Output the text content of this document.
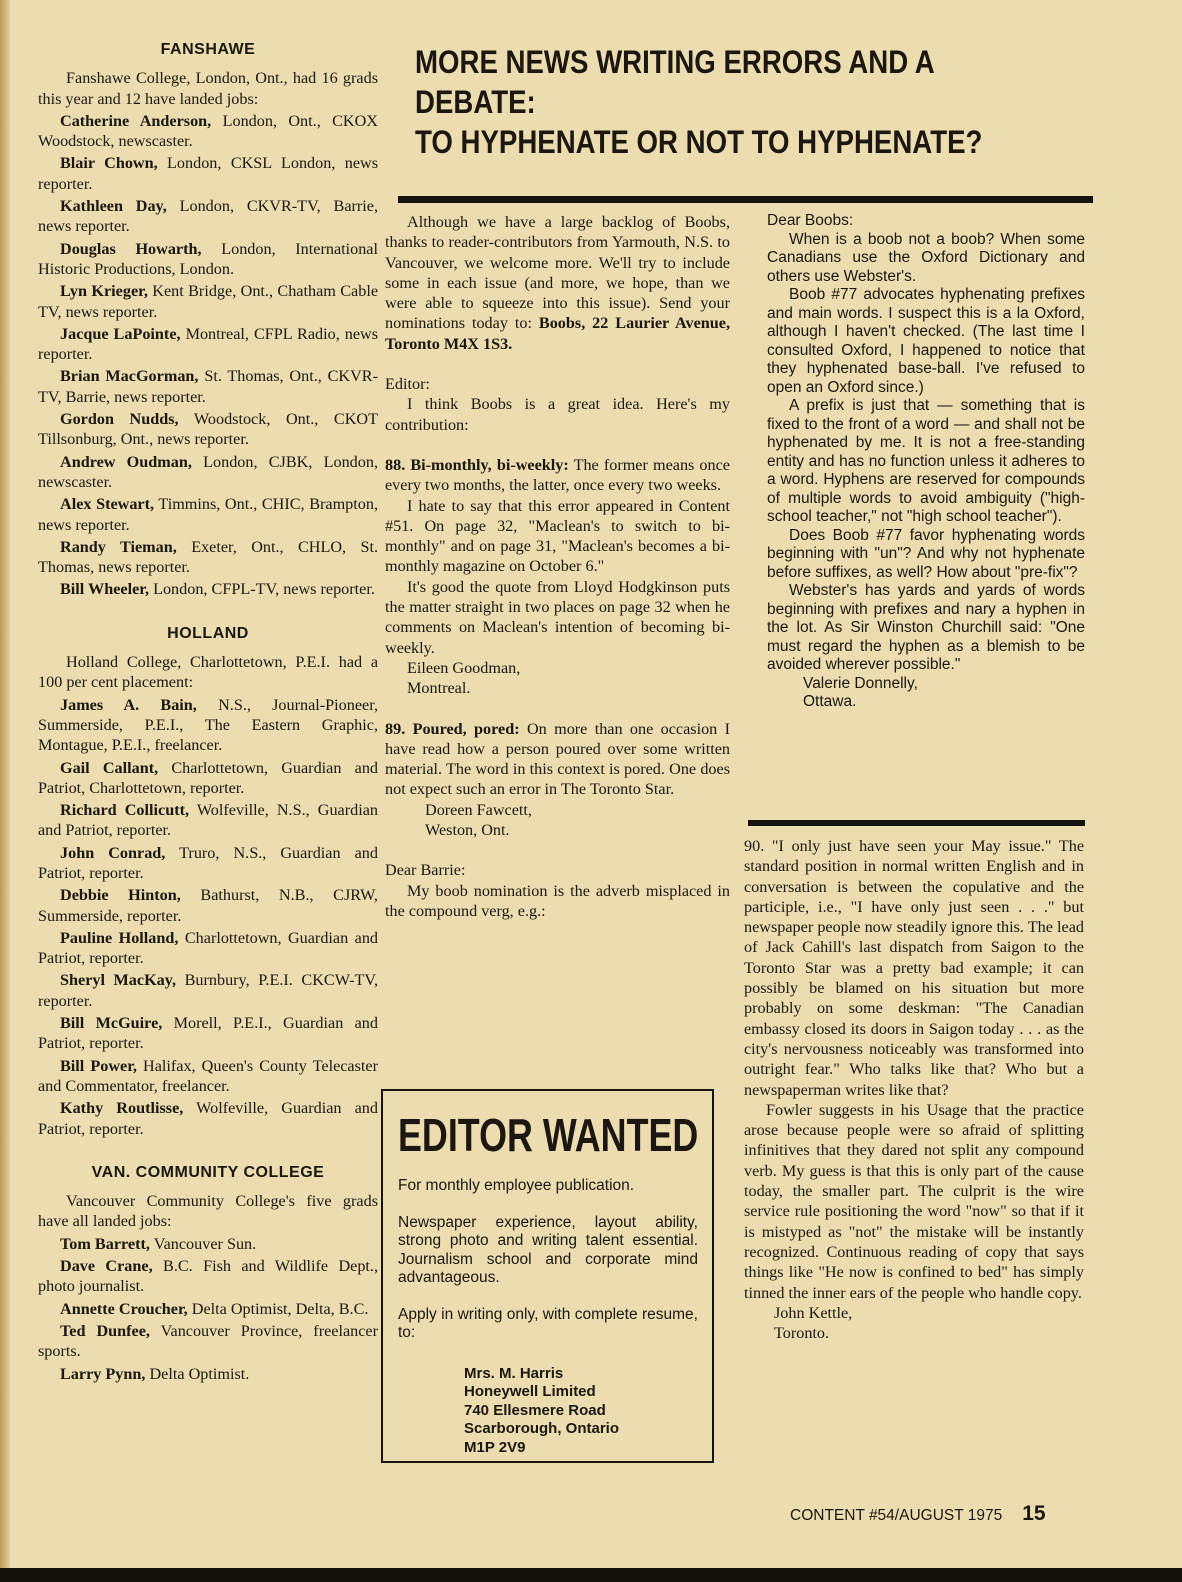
FANSHAWE

Fanshawe College, London, Ont., had 16 grads this year and 12 have landed jobs:

Catherine Anderson, London, Ont., CKOX Woodstock, newscaster.

Blair Chown, London, CKSL London, news reporter.

Kathleen Day, London, CKVR-TV, Barrie, news reporter.

Douglas Howarth, London, International Historic Productions, London.

Lyn Krieger, Kent Bridge, Ont., Chatham Cable TV, news reporter.

Jacque LaPointe, Montreal, CFPL Radio, news reporter.

Brian MacGorman, St. Thomas, Ont., CKVR-TV, Barrie, news reporter.

Gordon Nudds, Woodstock, Ont., CKOT Tillsonburg, Ont., news reporter.

Andrew Oudman, London, CJBK, London, newscaster.

Alex Stewart, Timmins, Ont., CHIC, Brampton, news reporter.

Randy Tieman, Exeter, Ont., CHLO, St. Thomas, news reporter.

Bill Wheeler, London, CFPL-TV, news reporter.

HOLLAND

Holland College, Charlottetown, P.E.I. had a 100 per cent placement:

James A. Bain, N.S., Journal-Pioneer, Summerside, P.E.I., The Eastern Graphic, Montague, P.E.I., freelancer.

Gail Callant, Charlottetown, Guardian and Patriot, Charlottetown, reporter.

Richard Collicutt, Wolfeville, N.S., Guardian and Patriot, reporter.

John Conrad, Truro, N.S., Guardian and Patriot, reporter.

Debbie Hinton, Bathurst, N.B., CJRW, Summerside, reporter.

Pauline Holland, Charlottetown, Guardian and Patriot, reporter.

Sheryl MacKay, Burnbury, P.E.I. CKCW-TV, reporter.

Bill McGuire, Morell, P.E.I., Guardian and Patriot, reporter.

Bill Power, Halifax, Queen's County Telecaster and Commentator, freelancer.

Kathy Routlisse, Wolfeville, Guardian and Patriot, reporter.

VAN. COMMUNITY COLLEGE

Vancouver Community College's five grads have all landed jobs:

Tom Barrett, Vancouver Sun.

Dave Crane, B.C. Fish and Wildlife Dept., photo journalist.

Annette Croucher, Delta Optimist, Delta, B.C.

Ted Dunfee, Vancouver Province, freelancer sports.

Larry Pynn, Delta Optimist.

MORE NEWS WRITING ERRORS AND A DEBATE:
TO HYPHENATE OR NOT TO HYPHENATE?

Although we have a large backlog of Boobs, thanks to reader-contributors from Yarmouth, N.S. to Vancouver, we welcome more. We'll try to include some in each issue (and more, we hope, than we were able to squeeze into this issue). Send your nominations today to: Boobs, 22 Laurier Avenue, Toronto M4X 1S3.

Editor:

I think Boobs is a great idea. Here's my contribution:

88. Bi-monthly, bi-weekly: The former means once every two months, the latter, once every two weeks.

I hate to say that this error appeared in Content #51. On page 32, "Maclean's to switch to bi-monthly" and on page 31, "Maclean's becomes a bi-monthly magazine on October 6."

It's good the quote from Lloyd Hodgkinson puts the matter straight in two places on page 32 when he comments on Maclean's intention of becoming bi-weekly.

Eileen Goodman,

Montreal.

89. Poured, pored: On more than one occasion I have read how a person poured over some written material. The word in this context is pored. One does not expect such an error in The Toronto Star.

Doreen Fawcett,

Weston, Ont.

Dear Barrie:

My boob nomination is the adverb misplaced in the compound verg, e.g.:

EDITOR WANTED

For monthly employee publication.

Newspaper experience, layout ability, strong photo and writing talent essential. Journalism school and corporate mind advantageous.

Apply in writing only, with complete resume, to:

Mrs. M. Harris
Honeywell Limited
740 Ellesmere Road
Scarborough, Ontario
M1P 2V9

Dear Boobs:

When is a boob not a boob? When some Canadians use the Oxford Dictionary and others use Webster's.

Boob #77 advocates hyphenating prefixes and main words. I suspect this is a la Oxford, although I haven't checked. (The last time I consulted Oxford, I happened to notice that they hyphenated base-ball. I've refused to open an Oxford since.)

A prefix is just that — something that is fixed to the front of a word — and shall not be hyphenated by me. It is not a free-standing entity and has no function unless it adheres to a word. Hyphens are reserved for compounds of multiple words to avoid ambiguity ("high-school teacher," not "high school teacher").

Does Boob #77 favor hyphenating words beginning with "un"? And why not hyphenate before suffixes, as well? How about "pre-fix"?

Webster's has yards and yards of words beginning with prefixes and nary a hyphen in the lot. As Sir Winston Churchill said: "One must regard the hyphen as a blemish to be avoided wherever possible."

Valerie Donnelly,

Ottawa.

90. "I only just have seen your May issue." The standard position in normal written English and in conversation is between the copulative and the participle, i.e., "I have only just seen . . ." but newspaper people now steadily ignore this. The lead of Jack Cahill's last dispatch from Saigon to the Toronto Star was a pretty bad example; it can possibly be blamed on his situation but more probably on some deskman: "The Canadian embassy closed its doors in Saigon today . . . as the city's nervousness noticeably was transformed into outright fear." Who talks like that? Who but a newspaperman writes like that?

Fowler suggests in his Usage that the practice arose because people were so afraid of splitting infinitives that they dared not split any compound verb. My guess is that this is only part of the cause today, the smaller part. The culprit is the wire service rule positioning the word "now" so that if it is mistyped as "not" the mistake will be instantly recognized. Continuous reading of copy that says things like "He now is confined to bed" has simply tinned the inner ears of the people who handle copy.

John Kettle,

Toronto.

CONTENT #54/AUGUST 1975 15
